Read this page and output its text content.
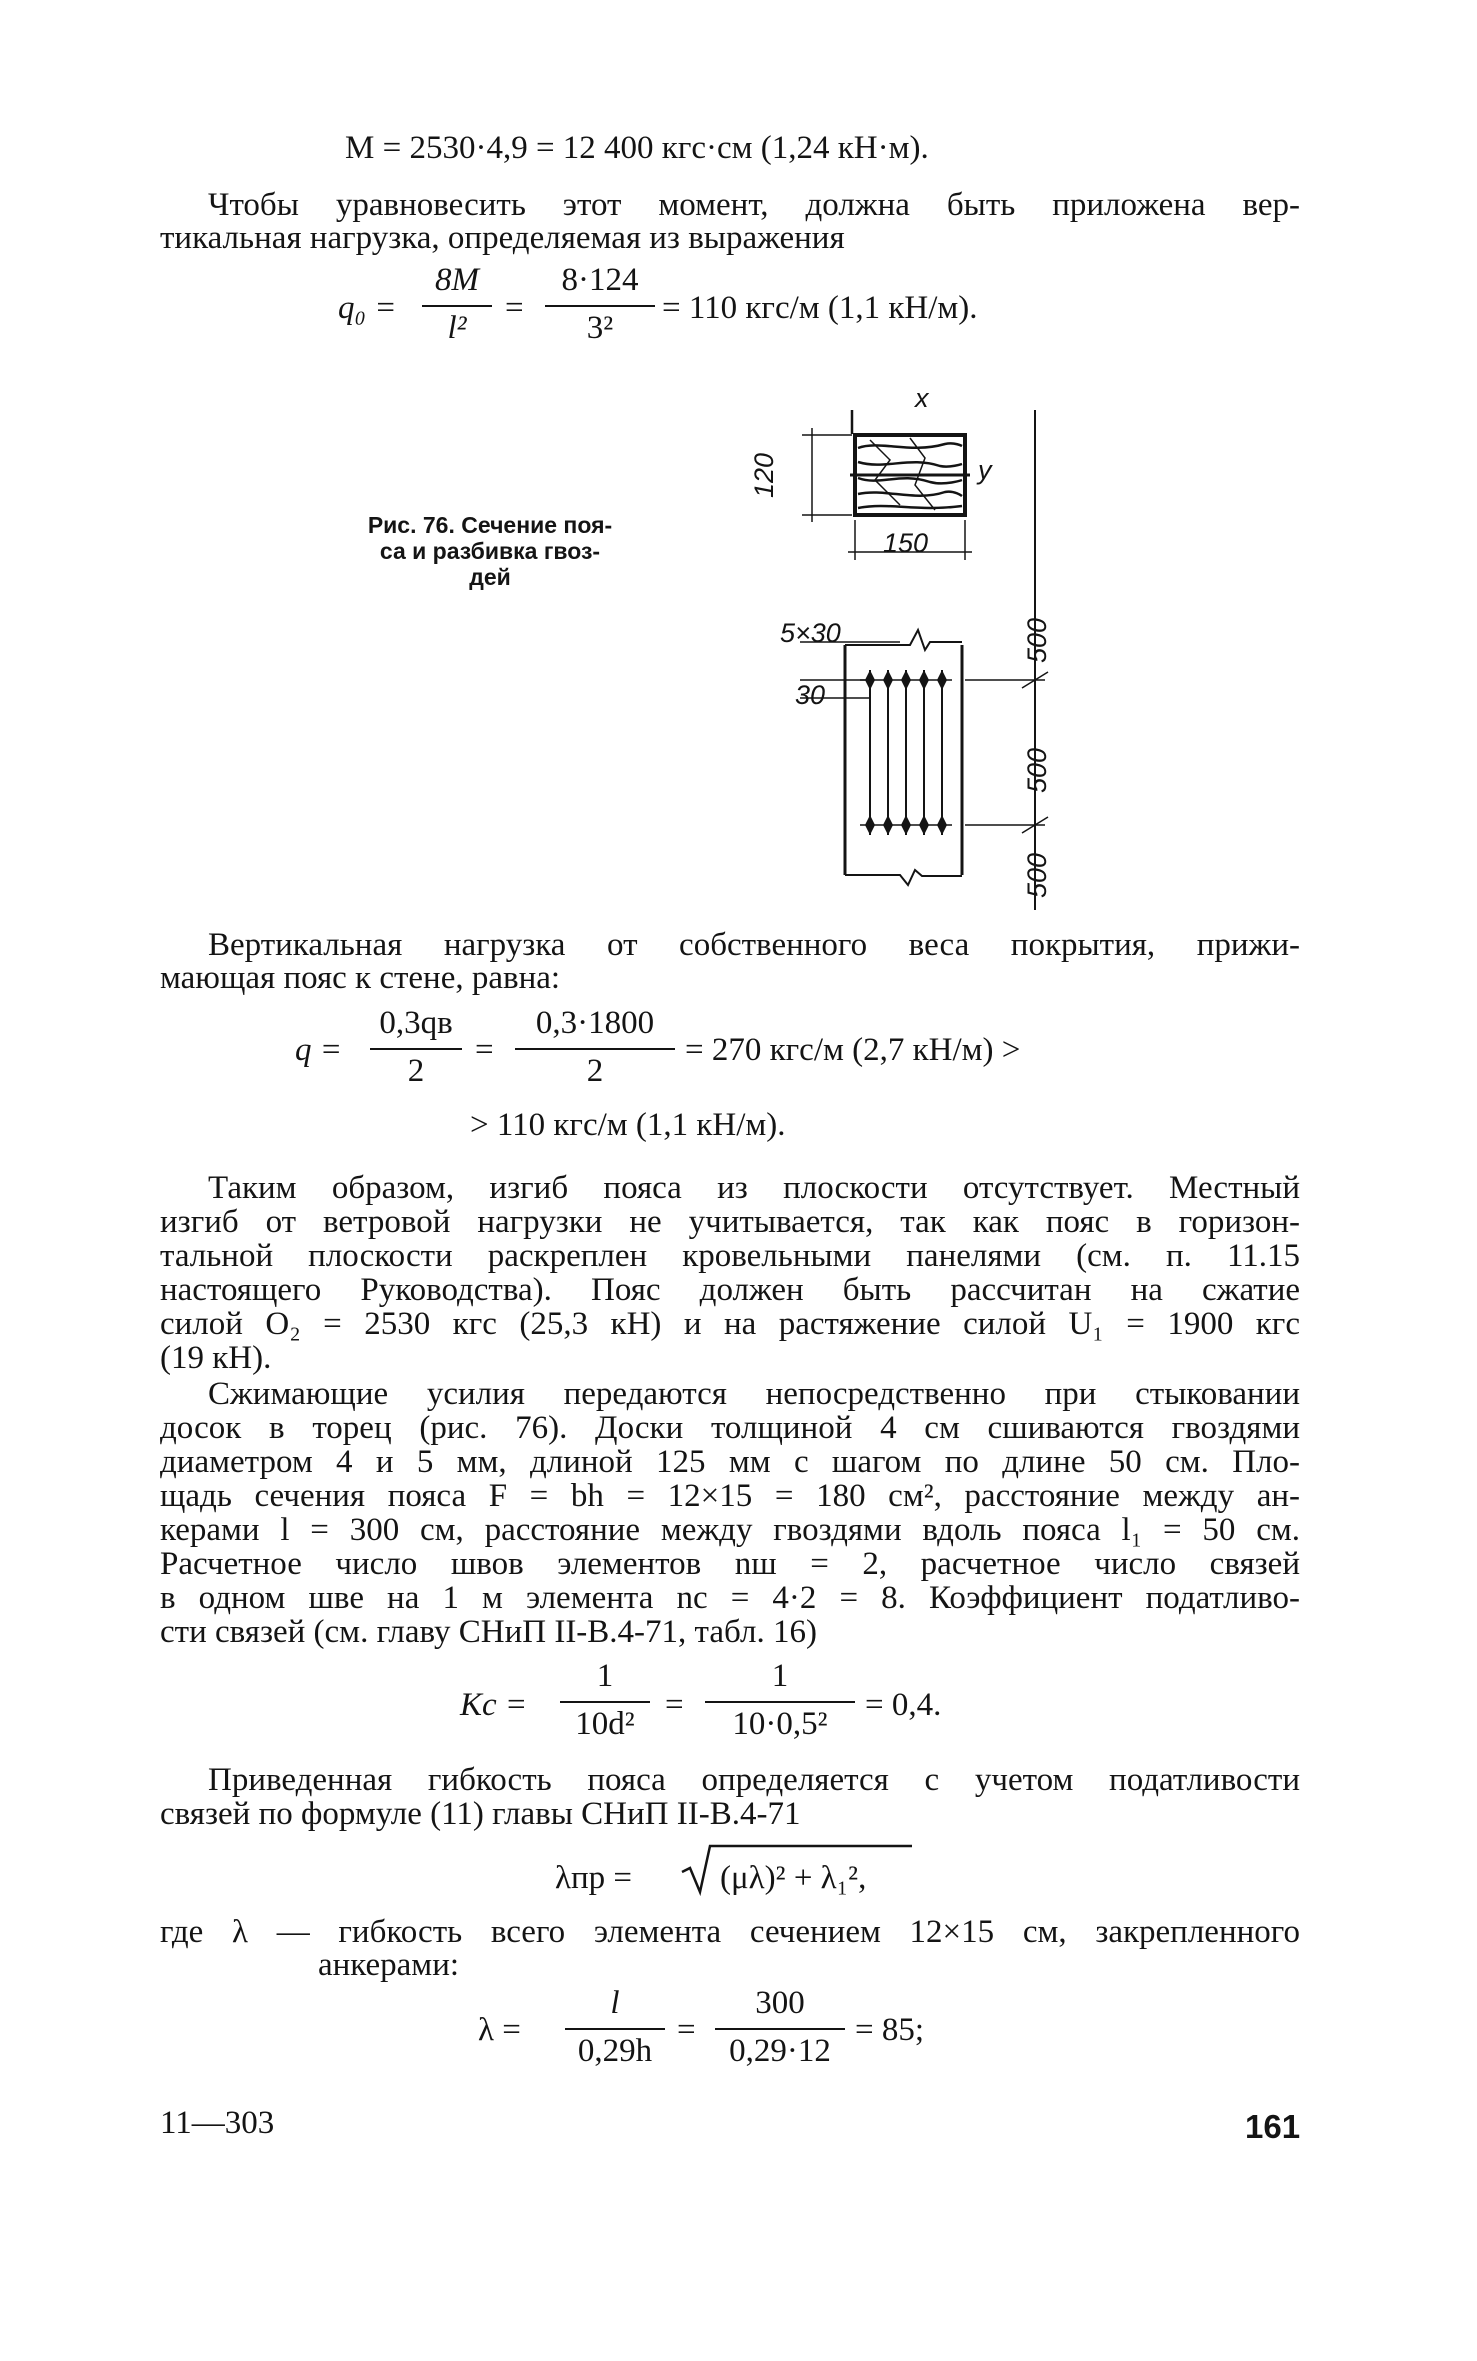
M = 2530·4,9 = 12 400 кгс·см (1,24 кН·м).
Чтобы уравновесить этот момент, должна быть приложена вер-
тикальная нагрузка, определяемая из выражения
q₀ =
8M
l²
=
8·124
3²
= 110 кгс/м (1,1 кН/м).
Рис. 76. Сечение поя-
са и разбивка гвоз-
дей
x
y
120
150
5×30
30
500
500
500
Вертикальная нагрузка от собственного веса покрытия, прижи-
мающая пояс к стене, равна:
q =
0,3qв
2
=
0,3·1800
2
= 270 кгс/м (2,7 кН/м) >
> 110 кгс/м (1,1 кН/м).
Таким образом, изгиб пояса из плоскости отсутствует. Местный
изгиб от ветровой нагрузки не учитывается, так как пояс в горизон-
тальной плоскости раскреплен кровельными панелями (см. п. 11.15
настоящего Руководства). Пояс должен быть рассчитан на сжатие
силой O₂ = 2530 кгс (25,3 кН) и на растяжение силой U₁ = 1900 кгс
(19 кН).
Сжимающие усилия передаются непосредственно при стыковании
досок в торец (рис. 76). Доски толщиной 4 см сшиваются гвоздями
диаметром 4 и 5 мм, длиной 125 мм с шагом по длине 50 см. Пло-
щадь сечения пояса F = bh = 12×15 = 180 см², расстояние между ан-
керами l = 300 см, расстояние между гвоздями вдоль пояса l₁ = 50 см.
Расчетное число швов элементов nш = 2, расчетное число связей
в одном шве на 1 м элемента nс = 4·2 = 8. Коэффициент податливо-
сти связей (см. главу СНиП II-В.4-71, табл. 16)
Kс =
1
10d²
=
1
10·0,5²
= 0,4.
Приведенная гибкость пояса определяется с учетом податливости
связей по формуле (11) главы СНиП II-В.4-71
λпр =	(μλ)² + λ₁²,
где λ — гибкость всего элемента сечением 12×15 см, закрепленного
анкерами:
λ =
l
0,29h
=
300
0,29·12
= 85;
11—303	161
